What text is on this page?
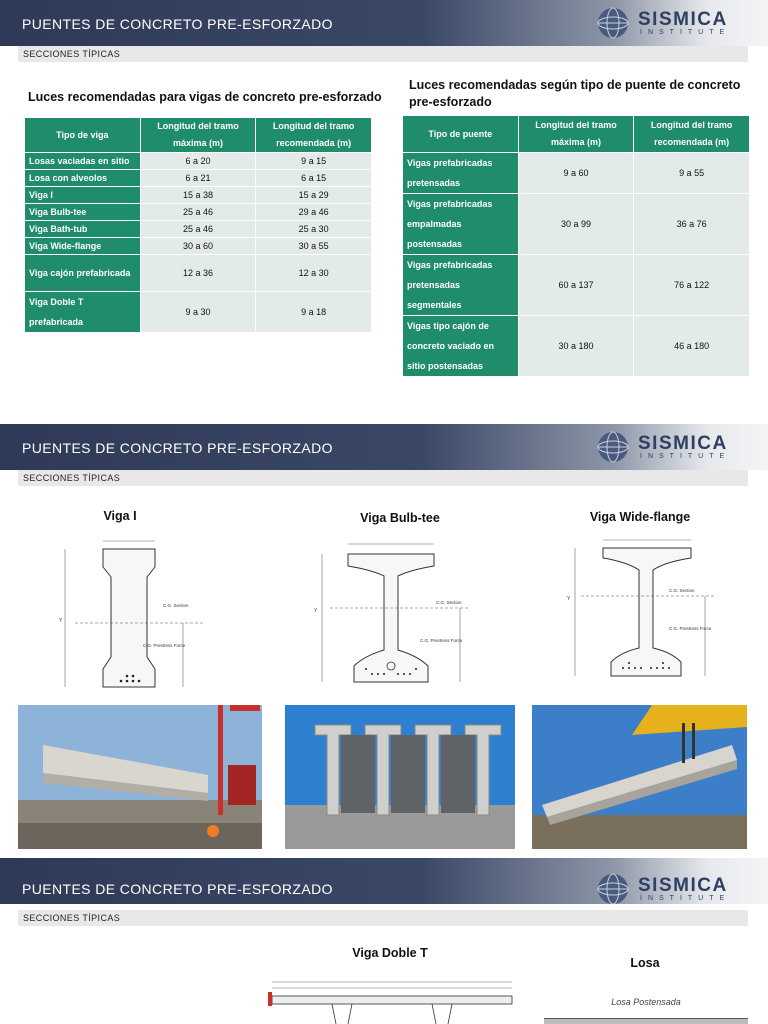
PUENTES DE CONCRETO PRE-ESFORZADO	SISMICA
INSTITUTE
SECCIONES TÍPICAS
Luces recomendadas para vigas de concreto pre-esforzado
Tipo de viga	Longitud del tramo máxima (m)	Longitud del tramo recomendada (m)
Losas vaciadas en sitio	6 a 20	9 a 15
Losa con alveolos	6 a 21	6 a 15
Viga I	15 a 38	15 a 29
Viga Bulb-tee	25 a 46	29 a 46
Viga Bath-tub	25 a 46	25 a 30
Viga Wide-flange	30 a 60	30 a 55
Viga cajón prefabricada	12 a 36	12 a 30
Viga Doble T prefabricada	9 a 30	9 a 18
Luces recomendadas según tipo de puente de concreto pre-esforzado
Tipo de puente	Longitud del tramo máxima (m)	Longitud del tramo recomendada (m)
Vigas prefabricadas pretensadas	9 a 60	9 a 55
Vigas prefabricadas empalmadas postensadas	30 a 99	36 a 76
Vigas prefabricadas pretensadas segmentales	60 a 137	76 a 122
Vigas tipo cajón de concreto vaciado en sitio postensadas	30 a 180	46 a 180
PUENTES DE CONCRETO PRE-ESFORZADO	SISMICA
INSTITUTE
SECCIONES TÍPICAS
Viga I	Viga Bulb-tee	Viga Wide-flange
C.G. Section
C.G. Prestress Force
Y
C.G. Section
C.G. Prestress Force
Y
C.G. Section
C.G. Prestress Force
Y
PUENTES DE CONCRETO PRE-ESFORZADO	SISMICA
INSTITUTE
SECCIONES TÍPICAS
Viga Doble T
Losa
Losa Postensada
